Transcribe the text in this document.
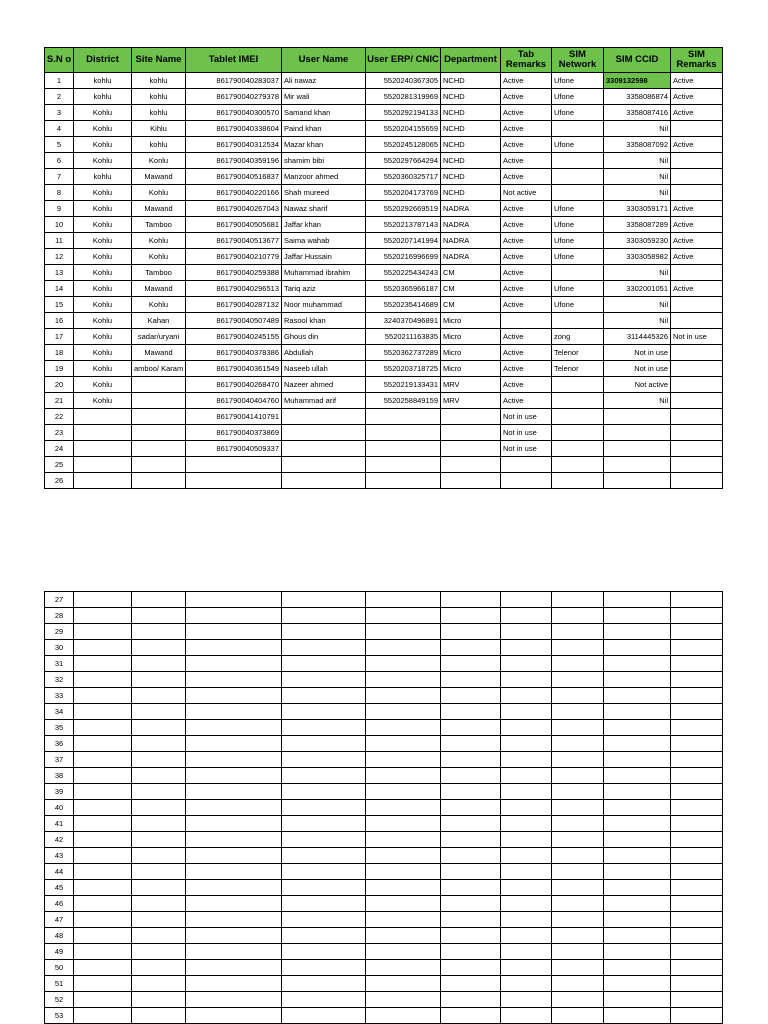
S.N o	District	Site Name	Tablet IMEI	User Name	User ERP/ CNIC	Department	Tab Remarks	SIM Network	SIM CCID	SIM Remarks
1	kohlu	kohlu	861790040283037	Ali nawaz	5520240367305	NCHD	Active	Ufone	3309132598	Active
2	kohlu	kohlu	861790040279378	Mir wali	5520281319969	NCHD	Active	Ufone	3358086874	Active
3	Kohlu	kohlu	861790040300570	Samand khan	5520292194133	NCHD	Active	Ufone	3358087416	Active
4	Kohlu	Kihlu	861790040338604	Paind khan	5520204155659	NCHD	Active		Nil	
5	Kohlu	kohlu	861790040312534	Mazar khan	5520245128065	NCHD	Active	Ufone	3358087092	Active
6	Kohlu	Konlu	861790040359196	shamim bibi	5520297664294	NCHD	Active		Nil	
7	kohlu	Mawand	861790040516837	Manzoor ahmed	5520360325717	NCHD	Active		Nil	
8	Kohlu	Kohlu	861790040220166	Shah mureed	5520204173769	NCHD	Not active		Nil	
9	Kohlu	Mawand	861790040267043	Nawaz sharif	5520292669519	NADRA	Active	Ufone	3303059171	Active
10	Kohlu	Tamboo	861790040505681	Jaffar khan	5520213787143	NADRA	Active	Ufone	3358087289	Active
11	Kohlu	Kohlu	861790040513677	Saima wahab	5520207141994	NADRA	Active	Ufone	3303059230	Active
12	Kohlu	Kohlu	861790040210779	Jaffar Hussain	5520216996699	NADRA	Active	Ufone	3303058982	Active
13	Kohlu	Tamboo	861790040259388	Muhammad ibrahim	5520225434243	CM	Active		Nil	
14	Kohlu	Mawand	861790040296513	Tariq aziz	5520365966187	CM	Active	Ufone	3302001051	Active
15	Kohlu	Kohlu	861790040287132	Noor muhammad	5520235414689	CM	Active	Ufone	Nil	
16	Kohlu	Kahan	861790040507489	Rasool khan	3240370496891	Micro			Nil	
17	Kohlu	sadar/uryani	861790040245155	Ghous din	5520211163835	Micro	Active	zong	3114445326	Not in use
18	Kohlu	Mawand	861790040378386	Abdullah	5520362737289	Micro	Active	Telenor	Not in use	
19	Kohlu	amboo/ Karam	861790040361549	Naseeb ullah	5520203718725	Micro	Active	Telenor	Not in use	
20	Kohlu		861790040268470	Nazeer ahmed	5520219133431	MRV	Active		Not active	
21	Kohlu		861790040404760	Muhammad arif	5520258849159	MRV	Active		Nil	
22			861790041410791				Not in use			
23			861790040373869				Not in use			
24			861790040509337				Not in use			
25										
26										
27										
28										
29										
30										
31										
32										
33										
34										
35										
36										
37										
38										
39										
40										
41										
42										
43										
44										
45										
46										
47										
48										
49										
50										
51										
52										
53										
